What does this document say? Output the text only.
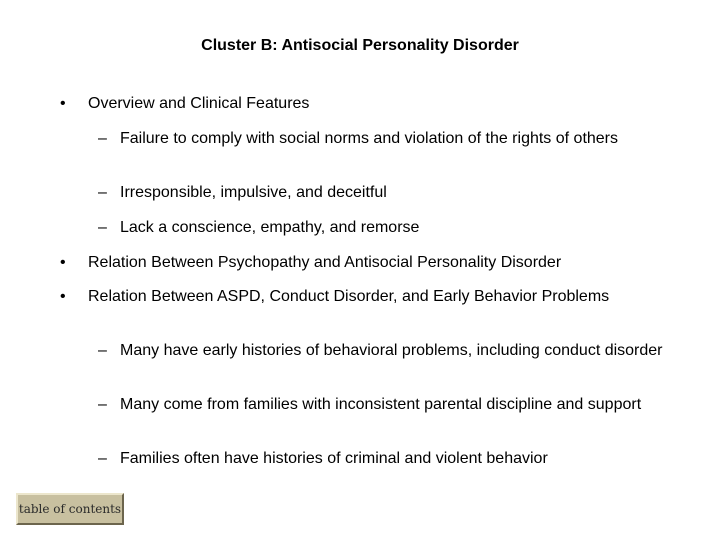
Cluster B: Antisocial Personality Disorder
• Overview and Clinical Features
– Failure to comply with social norms and violation of the rights of others
– Irresponsible, impulsive, and deceitful
– Lack a conscience, empathy, and remorse
• Relation Between Psychopathy and Antisocial Personality Disorder
• Relation Between ASPD, Conduct Disorder, and Early Behavior Problems
– Many have early histories of behavioral problems, including conduct disorder
– Many come from families with inconsistent parental discipline and support
– Families often have histories of criminal and violent behavior
table of contents
